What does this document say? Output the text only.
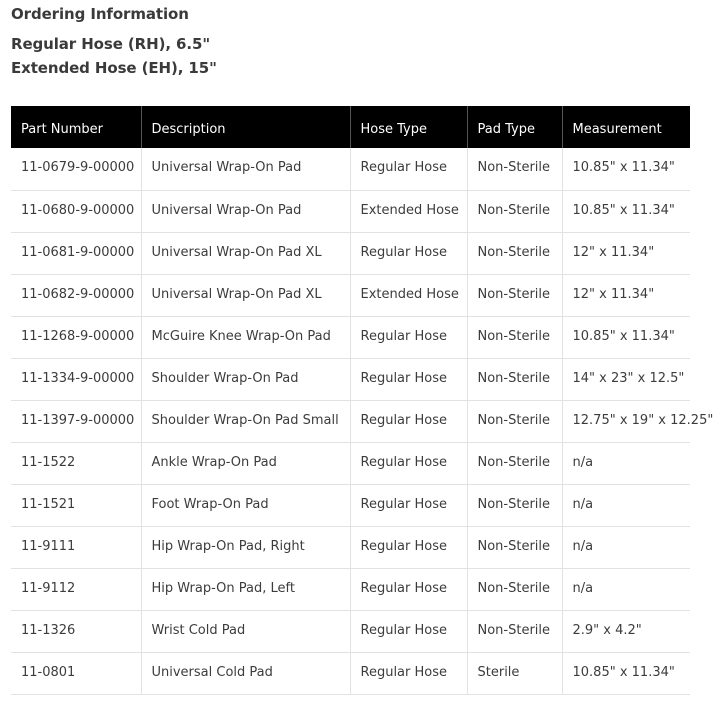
Ordering Information
Regular Hose (RH), 6.5"
Extended Hose (EH), 15"
Part Number	Description	Hose Type	Pad Type	Measurement
11-0679-9-00000	Universal Wrap-On Pad	Regular Hose	Non-Sterile	10.85" x 11.34"
11-0680-9-00000	Universal Wrap-On Pad	Extended Hose	Non-Sterile	10.85" x 11.34"
11-0681-9-00000	Universal Wrap-On Pad XL	Regular Hose	Non-Sterile	12" x 11.34"
11-0682-9-00000	Universal Wrap-On Pad XL	Extended Hose	Non-Sterile	12" x 11.34"
11-1268-9-00000	McGuire Knee Wrap-On Pad	Regular Hose	Non-Sterile	10.85" x 11.34"
11-1334-9-00000	Shoulder Wrap-On Pad	Regular Hose	Non-Sterile	14" x 23" x 12.5"
11-1397-9-00000	Shoulder Wrap-On Pad Small	Regular Hose	Non-Sterile	12.75" x 19" x 12.25"
11-1522	Ankle Wrap-On Pad	Regular Hose	Non-Sterile	n/a
11-1521	Foot Wrap-On Pad	Regular Hose	Non-Sterile	n/a
11-9111	Hip Wrap-On Pad, Right	Regular Hose	Non-Sterile	n/a
11-9112	Hip Wrap-On Pad, Left	Regular Hose	Non-Sterile	n/a
11-1326	Wrist Cold Pad	Regular Hose	Non-Sterile	2.9" x 4.2"
11-0801	Universal Cold Pad	Regular Hose	Sterile	10.85" x 11.34"
